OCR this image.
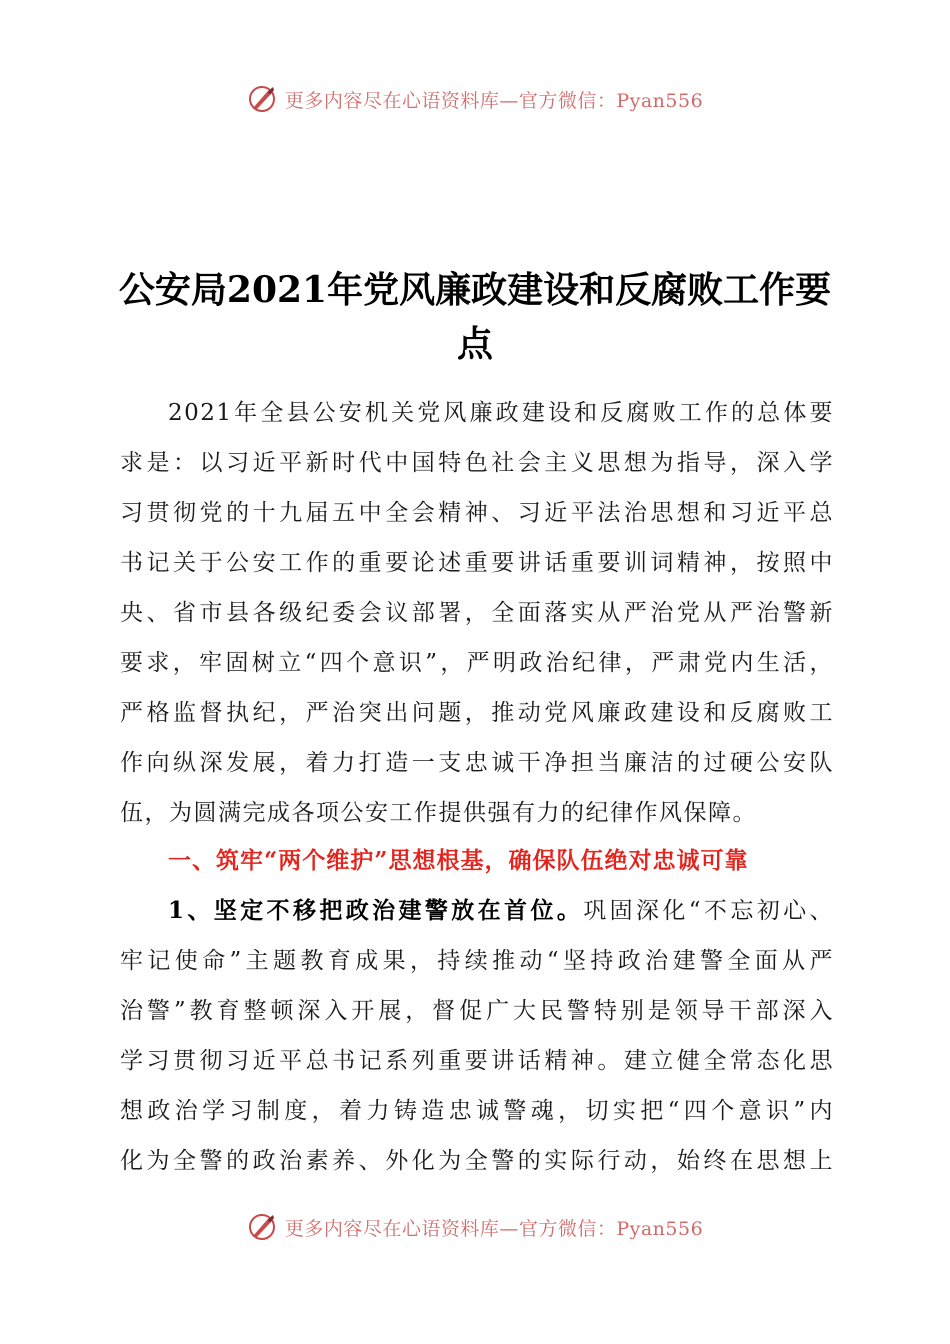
更多内容尽在心语资料库—官方微信：Pyan556
公安局2021年党风廉政建设和反腐败工作要
点
2021年全县公安机关党风廉政建设和反腐败工作的总体要
求是：以习近平新时代中国特色社会主义思想为指导，深入学
习贯彻党的十九届五中全会精神、习近平法治思想和习近平总
书记关于公安工作的重要论述重要讲话重要训词精神，按照中
央、省市县各级纪委会议部署，全面落实从严治党从严治警新
要求，牢固树立“四个意识”，严明政治纪律，严肃党内生活，
严格监督执纪，严治突出问题，推动党风廉政建设和反腐败工
作向纵深发展，着力打造一支忠诚干净担当廉洁的过硬公安队
伍，为圆满完成各项公安工作提供强有力的纪律作风保障。
一、筑牢“两个维护”思想根基，确保队伍绝对忠诚可靠
1、坚定不移把政治建警放在首位。巩固深化“不忘初心、
牢记使命”主题教育成果，持续推动“坚持政治建警全面从严
治警”教育整顿深入开展，督促广大民警特别是领导干部深入
学习贯彻习近平总书记系列重要讲话精神。建立健全常态化思
想政治学习制度，着力铸造忠诚警魂，切实把“四个意识”内
化为全警的政治素养、外化为全警的实际行动，始终在思想上
更多内容尽在心语资料库—官方微信：Pyan556
